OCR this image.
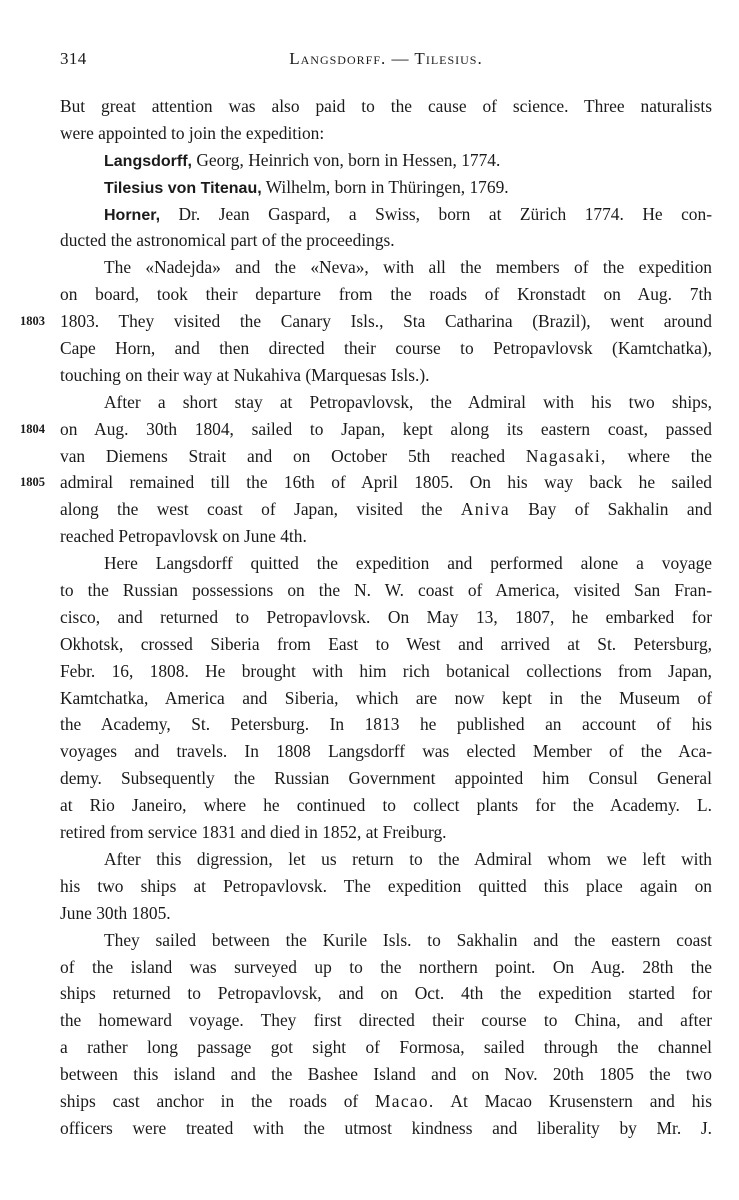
314	Langsdorff. — Tilesius.
But great attention was also paid to the cause of science. Three naturalists
were appointed to join the expedition:
Langsdorff, Georg, Heinrich von, born in Hessen, 1774.
Tilesius von Titenau, Wilhelm, born in Thüringen, 1769.
Horner, Dr. Jean Gaspard, a Swiss, born at Zürich 1774. He con-
ducted the astronomical part of the proceedings.
The «Nadejda» and the «Neva», with all the members of the expedition
on board, took their departure from the roads of Kronstadt on Aug. 7th
1803 1803. They visited the Canary Isls., Sta Catharina (Brazil), went around
Cape Horn, and then directed their course to Petropavlovsk (Kamtchatka),
touching on their way at Nukahiva (Marquesas Isls.).
After a short stay at Petropavlovsk, the Admiral with his two ships,
1804 on Aug. 30th 1804, sailed to Japan, kept along its eastern coast, passed
van Diemens Strait and on October 5th reached Nagasaki, where the
1805 admiral remained till the 16th of April 1805. On his way back he sailed
along the west coast of Japan, visited the Aniva Bay of Sakhalin and
reached Petropavlovsk on June 4th.
Here Langsdorff quitted the expedition and performed alone a voyage
to the Russian possessions on the N. W. coast of America, visited San Fran-
cisco, and returned to Petropavlovsk. On May 13, 1807, he embarked for
Okhotsk, crossed Siberia from East to West and arrived at St. Petersburg,
Febr. 16, 1808. He brought with him rich botanical collections from Japan,
Kamtchatka, America and Siberia, which are now kept in the Museum of
the Academy, St. Petersburg. In 1813 he published an account of his
voyages and travels. In 1808 Langsdorff was elected Member of the Aca-
demy. Subsequently the Russian Government appointed him Consul General
at Rio Janeiro, where he continued to collect plants for the Academy. L.
retired from service 1831 and died in 1852, at Freiburg.
After this digression, let us return to the Admiral whom we left with
his two ships at Petropavlovsk. The expedition quitted this place again on
June 30th 1805.
They sailed between the Kurile Isls. to Sakhalin and the eastern coast
of the island was surveyed up to the northern point. On Aug. 28th the
ships returned to Petropavlovsk, and on Oct. 4th the expedition started for
the homeward voyage. They first directed their course to China, and after
a rather long passage got sight of Formosa, sailed through the channel
between this island and the Bashee Island and on Nov. 20th 1805 the two
ships cast anchor in the roads of Macao. At Macao Krusenstern and his
officers were treated with the utmost kindness and liberality by Mr. J.
